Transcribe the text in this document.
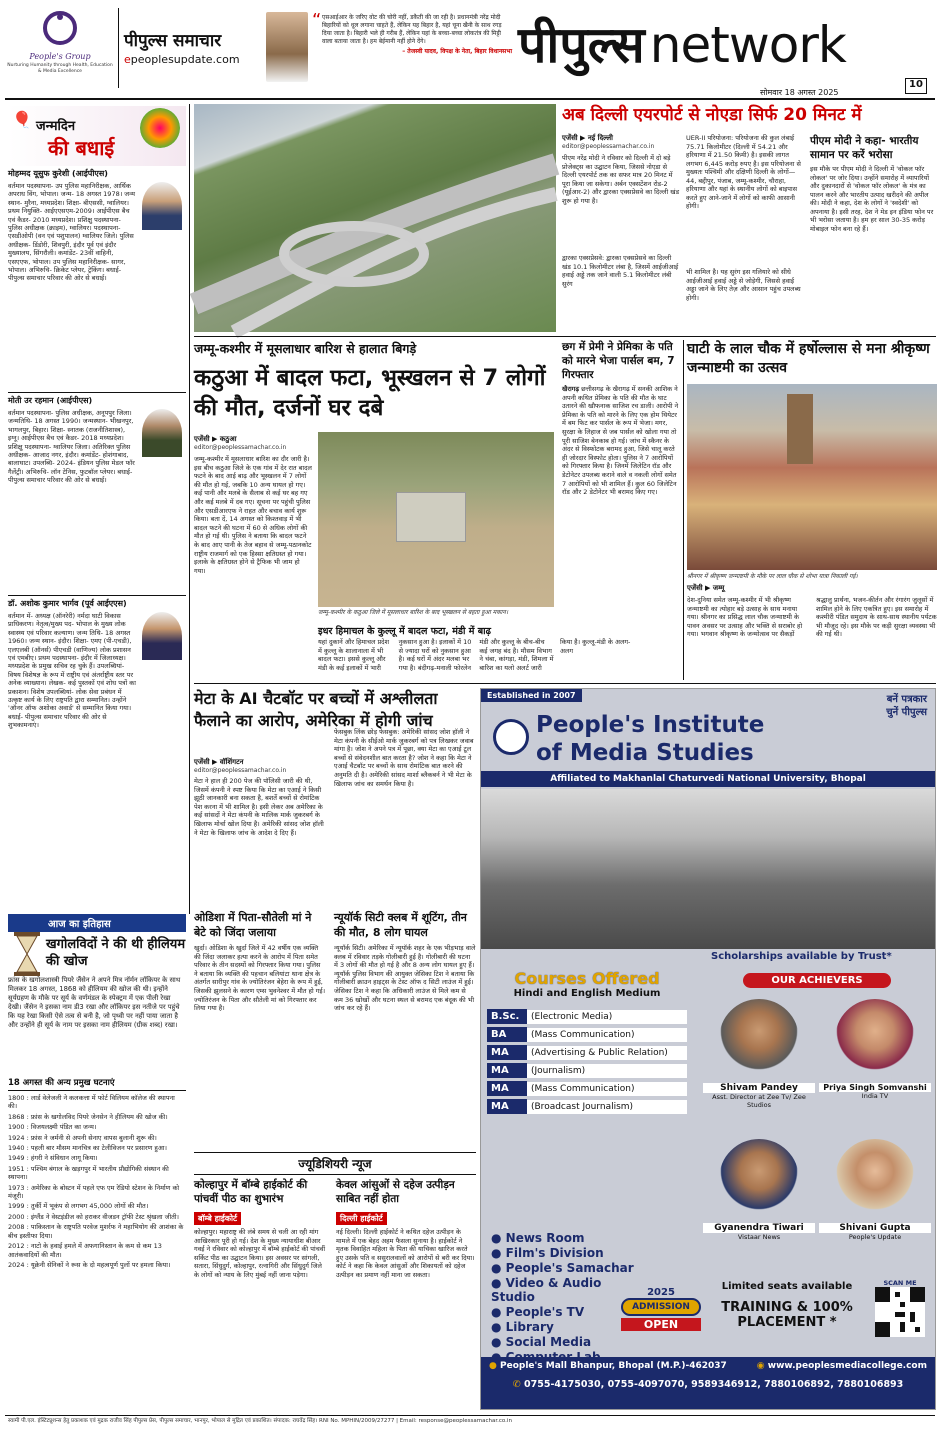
People's Group
Nurturing Humanity through Health, Education & Media Excellence
पीपुल्स समाचार
epeoplesupdate.com
“ एसआईआर के जरिए वोट की चोरी नहीं, डकैती की जा रही है। प्रधानमंत्री नरेंद्र मोदी बिहारियों को धूल लगाना चाहते हैं, लेकिन यह बिहार है, यहां चूना खैनी के साथ रगड़ दिया जाता है। बिहारी भले ही गरीब हैं, लेकिन यहां के बच्चा-बच्चा लोकतंत्र की मिट्टी वाला बताया जाता है। हम बेईमानी नहीं होने देंगे।
– तेजस्वी यादव, विपक्ष के नेता, बिहार विधानसभा पीपुल्स network
सोमवार 18 अगस्त 2025
10
🎈 जन्मदिन
की बधाई
मोहम्मद यूसुफ कुरेशी (आईपीएस)
वर्तमान पदस्थापना- उप पुलिस महानिरीक्षक, आर्थिक अपराध विंग, भोपाल। जन्म- 18 अगस्त 1978। जन्म स्थान- मुरैना, मध्यप्रदेश। शिक्षा- बीएससी, ग्वालियर। प्रथम नियुक्ति- आईएएसएम-2009। आईपीएस बैच एवं कैडर- 2010 मध्यप्रदेश। प्रशिक्षु पदस्थापना- पुलिस अधीक्षक (क्राइम), ग्वालियर। पदस्थापना- एसडीओपी (वन एवं पशुपालन) ग्वालियर जिले। पुलिस अधीक्षक- डिंडोरी, शिवपुरी, इंदौर पूर्व एवं इंदौर मुख्यालय, सिंगरौली। कमांडेंट- 23वीं वाहिनी, एसएएफ, भोपाल। उप पुलिस महानिरीक्षक- सागर, भोपाल। अभिरुचि- क्रिकेट प्लेयर, ट्रेकिंग। बधाई- पीपुल्स समाचार परिवार की ओर से बधाई।
मोती उर रहमान (आईपीएस)
वर्तमान पदस्थापना- पुलिस अधीक्षक, अनूपपुर जिला। जन्मतिथि- 18 अगस्त 1990। जन्मस्थान- भीखनपुर, भागलपुर, बिहार। शिक्षा- स्नातक (राजनीतिशास्त्र), इग्नू। आईपीएस बैच एवं कैडर- 2018 मध्यप्रदेश। प्रशिक्षु पदस्थापना- ग्वालियर जिला। अतिरिक्त पुलिस अधीक्षक- आजाद नगर, इंदौर। कमांडेंट- होशंगाबाद, बालाघाट। उपलब्धि- 2024- इंडियन पुलिस मेडल फॉर गैलेंट्री। अभिरुचि- लॉन टेनिस, फुटबॉल प्लेयर। बधाई- पीपुल्स समाचार परिवार की ओर से बधाई।
डॉ. अशोक कुमार भार्गव (पूर्व आईएएस)
वर्तमान में- अध्यक्ष (ऑनरेरी) नर्मदा घाटी विकास प्राधिकरण। नेतृत्व/मुख्य पद- भोपाल के मुख्य लोक स्वास्थ्य एवं परिवार कल्याण। जन्म तिथि- 18 अगस्त 1960। जन्म स्थान- इंदौर। शिक्षा- एमए (पी-एचडी), एलएलबी (ऑनर्स) पीएचडी (वाणिज्य) लोक प्रशासन एवं एमबीए। प्रथम पदस्थापना- इंदौर में जिलाध्यक्ष। मध्यप्रदेश के प्रमुख सचिव रह चुके हैं। उपलब्धियां- विषय विशेषज्ञ के रूप में राष्ट्रीय एवं अंतर्राष्ट्रीय स्तर पर अनेक व्याख्यान। लेखक- कई पुस्तकों एवं शोध पत्रों का प्रकाशन। विशेष उपलब्धियां- लोक सेवा प्रबंधन में उत्कृष्ट कार्य के लिए राष्ट्रपति द्वारा सम्मानित। उन्होंने 'ऑनर ऑफ अशोका अवार्ड' से सम्मानित किया गया। बधाई- पीपुल्स समाचार परिवार की ओर से शुभकामनाएं।
आज का इतिहास
खगोलविदों ने की थी हीलियम की खोज
फ्रांस के खगोलशास्त्री पियरे जैंसेन ने अपने मित्र नॉर्मन लॉकियर के साथ मिलकर 18 अगस्त, 1868 को हीलियम की खोज की थी। इन्होंने सूर्यग्रहण के मौके पर सूर्य के वर्णमंडल के स्पेक्ट्रम में एक पीली रेखा देखी। जैंसेन ने इसका नाम डी3 रखा और लॉकियर इस नतीजे पर पहुंचे कि यह रेखा किसी ऐसे तत्व से बनी है, जो पृथ्वी पर नहीं पाया जाता है और उन्होंने ही सूर्य के नाम पर इसका नाम हीलियम (ग्रीक शब्द) रखा।
18 अगस्त की अन्य प्रमुख घटनाएं
1800 : लार्ड वेलेजली ने कलकत्ता में फोर्ट विलियम कॉलेज की स्थापना की।
1868 : फ्रांस के खगोलविद पियरे जेनसेन ने हीलियम की खोज की।
1900 : विजयलक्ष्मी पंडित का जन्म।
1924 : फ्रांस ने जर्मनी से अपनी सेनाए वापस बुलानी शुरू की।
1940 : पहली बार मौसम मानचित्र का टेलीविजन पर प्रसारण हुआ।
1949 : हंगरी ने संविधान लागू किया।
1951 : पश्चिम बंगाल के खड़गपुर में भारतीय प्रौद्योगिकी संस्थान की स्थापना।
1973 : अमेरिका के बोस्टन में पहले एफ एम रेडियो स्टेशन के निर्माण को मंजूरी।
1999 : तुर्की में भूकंप से लगभग 45,000 लोगों की मौत।
2000 : इंग्लैंड ने वेस्टइंडीज को हराकर वीजडन ट्रॉफी टेस्ट श्रृंखला जीती।
2008 : पाकिस्तान के राष्ट्रपति परवेज मुशर्रफ ने महाभियोग की आशंका के बीच इस्तीफा दिया।
2012 : नाटो के हवाई हमले में अफगानिस्तान के कम से कम 13 आतंकवादियों की मौत।
2024 : यूक्रेनी सेनिकों ने रूस के दो महत्वपूर्ण पुलों पर हमला किया।
अब दिल्ली एयरपोर्ट से नोएडा सिर्फ 20 मिनट में
एजेंसी ▶ नई दिल्ली
editor@peoplessamachar.co.in
पीएम नरेंद्र मोदी ने रविवार को दिल्ली में दो बड़े प्रोजेक्ट्स का उद्घाटन किया, जिससे नोएडा से दिल्ली एयरपोर्ट तक का सफर मात्र 20 मिनट में पूरा किया जा सकेगा। अर्बन एक्सटेंशन रोड-2 (यूईआर-2) और द्वारका एक्सप्रेसवे का दिल्ली खंड शुरू हो गया है।
द्वारका एक्सप्रेसवे: द्वारका एक्सप्रेसवे का दिल्ली खंड 10.1 किलोमीटर लंबा है, जिसमें आईजीआई हवाई अड्डे तक जाने वाली 5.1 किलोमीटर लंबी सुरंग
UER-II परियोजना: परियोजना की कुल लंबाई 75.71 किलोमीटर (दिल्ली में 54.21 और हरियाणा में 21.50 किमी) है। इसकी लागत लगभग 6,445 करोड़ रुपए है। इस परियोजना से मुख्यतः पश्चिमी और दक्षिणी दिल्ली के लोगों— 44, बद्दीपुर, पंजाब, जम्मू-कश्मीर, चौराहा, हरियाणा और यहां के स्थानीय लोगों को बाइपास करते हुए आने-जाने में लोगों को काफी आसानी होगी।
भी शामिल है। यह सुरंग इस गलियारे को सीधे आईजीआई हवाई अड्डे से जोड़ेगी, जिससे हवाई अड्डा जाने के लिए तेज़ और आसान पहुंच उपलब्ध होगी।
पीएम मोदी ने कहा- भारतीय सामान पर करें भरोसा
इस मौके पर पीएम मोदी ने दिल्ली में 'वोकल फॉर लोकल' पर जोर दिया। उन्होंने समारोह में व्यापारियों और दुकानदारों से 'वोकल फॉर लोकल' के मंत्र का पालन करने और भारतीय उत्पाद खरीदने की अपील की। मोदी ने कहा, देश के लोगों ने 'स्वदेशी' को अपनाया है। इसी तरह, देश ने मेड इन इंडिया फोन पर भी भरोसा जताया है। हम हर साल 30-35 करोड़ मोबाइल फोन बना रहे हैं।
जम्मू-कश्मीर में मूसलाधार बारिश से हालात बिगड़े
कठुआ में बादल फटा, भूस्खलन से 7 लोगों की मौत, दर्जनों घर दबे
एजेंसी ▶ कठुआ
editor@peoplessamachar.co.in
जम्मू-कश्मीर में मूसलाधार बारिश का दौर जारी है। इस बीच कठुआ जिले के एक गांव में देर रात बादल फटने के बाद आई बाढ़ और भूस्खलन में 7 लोगों की मौत हो गई, जबकि 10 अन्य घायल हो गए। कई पानी और मलबे के सैलाब से कई घर बह गए और कई मलबे में दब गए। सूचना पर पहुंची पुलिस और एसडीआरएफ ने राहत और बचाव कार्य शुरू किया। बता दें, 14 अगस्त को किश्तवाड़ में भी बादल फटने की घटना में 60 से अधिक लोगों की मौत हो गई थी। पुलिस ने बताया कि बादल फटने के बाद आए पानी के तेज बहाव से जम्मू-पठानकोट राष्ट्रीय राजमार्ग को एक हिस्सा क्षतिग्रस्त हो गया। इलाके के क्षतिग्रस्त होने से ट्रैफिक भी जाम हो गया।
जम्मू-कश्मीर के कठुआ जिले में मूसलाधार बारिश के बाद भूस्खलन से बहता हुआ मकान।
इधर हिमाचल के कुल्लू में बादल फटा, मंडी में बाढ़
यहां दुकानें और हिमाचल प्रदेश में कुल्लू के शालानाला में भी बादल फटा। इससे कुल्लू और मंडी के कई इलाकों में भारी नुकसान हुआ है। इलाकों में 10 से ज्यादा घरों को नुकसान हुआ है। कई घरों में अंदर मलबा भर गया है। बंदीगढ़-मनाली फोरलेन मंडी और कुल्लू के बीच-बीच कई जगह बंद है। मौसम विभाग ने चंबा, कांगड़ा, मंडी, शिमला में बारिश का यलो अलर्ट जारी किया है। कुल्लू-मंडी के अलग-अलग
छग में प्रेमी ने प्रेमिका के पति को मारने भेजा पार्सल बम, 7 गिरफ्तार
खैरागढ़ छत्तीसगढ़ के खैरागढ़ में सनकी आशिक ने अपनी कथित प्रेमिका के पति की मौत के घाट उतारने की खौफनाक साजिश रच डाली। आरोपी ने प्रेमिका के पति को मारने के लिए एक होम थियेटर में बम फिट कर पार्सल के रूप में भेजा। मगर, सुरक्षा के लिहाज से जब पार्सल को खोला गया तो पूरी साजिश बेनकाब हो गई। जांच में स्कैनर के अंदर से विस्फोटक बरामद हुआ, जिसे चालू करते ही जोरदार विस्फोट होता। पुलिस ने 7 आरोपियों को गिरफ्तार किया है। जिनमें जिलेटिन रॉड और डेटोनेटर उपलब्ध कराने वाले व नकली लोगों समेत 7 आरोपियों को भी शामिल हैं। कुल 60 जिलेटिन रॉड और 2 डेटोनेटर भी बरामद किए गए।
घाटी के लाल चौक में हर्षोल्लास से मना श्रीकृष्ण जन्माष्टमी का उत्सव
श्रीनगर में श्रीकृष्ण जन्माष्टमी के मौके पर लाल चौक से शोभा यात्रा निकाली गई।
एजेंसी ▶ जम्मू
देश-दुनिया समेत जम्मू-कश्मीर में भी श्रीकृष्ण जन्माष्टमी का त्योहार बड़े उत्साह के साथ मनाया गया। श्रीनगर का प्रसिद्ध लाल चौक जन्माष्टमी के पावन अवसर पर उत्साह और भक्ति से सराबोर हो गया। भगवान श्रीकृष्ण के जन्मोत्सव पर सैकड़ों श्रद्धालु प्रार्थना, भजन-कीर्तन और रंगारंग जुलूसों में शामिल होने के लिए एकत्रित हुए। इस समारोह में कश्मीरी पंडित समुदाय के साथ-साथ स्थानीय पर्यटक भी मौजूद रहे। इस मौके पर कड़ी सुरक्षा व्यवस्था भी की गई थी।
मेटा के AI चैटबॉट पर बच्चों में अश्लीलता फैलाने का आरोप, अमेरिका में होगी जांच
एजेंसी ▶ वॉशिंगटन
editor@peoplessamachar.co.in
मेटा ने हाल ही 200 पेज की पॉलिसी जारी की थी, जिसमें कंपनी ने स्पष्ट किया कि मेटा का एआई ने किसी झूठी जानकारी बना सकता है, बशर्ते बच्चों से रोमांटिक पेश करना में भी शामिल है। इसी लेकर अब अमेरिका के कई सांसदों ने मेटा कंपनी के मालिक मार्क जुकरबर्ग के खिलाफ मोर्चा खोल दिया है। अमेरिकी सांसद जोश हॉली ने मेटा के खिलाफ जांच के आदेश दे दिए हैं।
फेसबुक लिंक छोड़ फेसबुक: अमेरिकी सांसद जोश हॉली ने मेटा कंपनी के सीईओ मार्क जुकरबर्ग को पत्र लिखकर जवाब मांगा है। जोश ने अपने पत्र में पूछा, क्या मेटा का एआई टूल बच्चों से संवेदनशील बात करता है? जोश ने कहा कि मेटा ने एआई चैटबॉट पर बच्चों के साथ रोमांटिक बात करने की अनुमति दी है। अमेरिकी सांसद मार्शा ब्लैकबर्न ने भी मेटा के खिलाफ जांच का समर्थन किया है।
ओडिशा में पिता-सौतेली मां ने बेटे को जिंदा जलाया
खुर्दा। ओडिशा के खुर्दा जिले में 42 वर्षीय एक व्यक्ति की जिंदा जलाकर हत्या करने के आरोप में पिता समेत परिवार के तीन सदस्यों को गिरफ्तार किया गया। पुलिस ने बताया कि व्यक्ति की पहचान बलियांटा थाना क्षेत्र के अंतर्गत सारीपुर गांव के ज्योतिरंजन बेहेरा के रूप में हुई, जिसकी झुलसने के कारण एम्स भुवनेश्वर में मौत हो गई। ज्योतिरंजन के पिता और सौतेली मां को गिरफ्तार कर लिया गया है।
न्यूयॉर्क सिटी क्लब में शूटिंग, तीन की मौत, 8 लोग घायल
न्यूयॉर्क सिटी। अमेरिका में न्यूयॉर्क शहर के एक भीड़भाड़ वाले क्लब में रविवार तड़के गोलीबारी हुई है। गोलीबारी की घटना में 3 लोगों की मौत हो गई है और 8 अन्य लोग घायल हुए हैं। न्यूयॉर्क पुलिस विभाग की आयुक्त जेसिका टिश ने बताया कि गोलीबारी क्राउन हाइट्स के टेस्ट ऑफ द सिटी लाउंज में हुई। जेसिका टिश ने कहा कि अधिकारी लाउंज से मिले कम से कम 36 खोखों और घटना स्थल से बरामद एक बंदूक की भी जांच कर रहे हैं।
ज्यूडिशियरी न्यूज
कोल्हापुर में बॉम्बे हाईकोर्ट की पांचवीं पीठ का शुभारंभ
बॉम्बे हाईकोर्ट
कोल्हापुर। महाराष्ट्र की लंबे समय से चली आ रही मांग आखिरकार पूरी हो गई। देश के मुख्य न्यायाधीश बीआर गवई ने रविवार को कोल्हापुर में बॉम्बे हाईकोर्ट की पांचवीं सर्किट पीठ का उद्घाटन किया। इस अवसर पर सांगली, सतारा, सिंधुदुर्ग, कोल्हापुर, रत्नागिरी और सिंधुदुर्ग जिले के लोगों को न्याय के लिए मुंबई नहीं जाना पड़ेगा।
केवल आंसुओं से दहेज उत्पीड़न साबित नहीं होता
दिल्ली हाईकोर्ट
नई दिल्ली। दिल्ली हाईकोर्ट ने कथित दहेज उत्पीड़न के मामले में एक बेहद अहम फैसला सुनाया है। हाईकोर्ट ने मृतक विवाहित महिला के पिता की याचिका खारिज करते हुए उसके पति व ससुरालवालों को आरोपों से बरी कर दिया। कोर्ट ने कहा कि केवल आंसुओं और शिकायतों को दहेज उत्पीड़न का प्रमाण नहीं माना जा सकता।
Established in 2007	बनें पत्रकार
चुनें पीपुल्स
People's Institute
of Media Studies
Affiliated to Makhanlal Chaturvedi National University, Bhopal
Scholarships available by Trust*
Courses Offered
Hindi and English Medium
B.Sc.	(Electronic Media)
BA	(Mass Communication)
MA	(Advertising & Public Relation)
MA	(Journalism)
MA	(Mass Communication)
MA	(Broadcast Journalism)
OUR ACHIEVERS
Shivam Pandey
Asst. Director at Zee Tv/ Zee Studios
Priya Singh Somvanshi
India TV
Gyanendra Tiwari
Vistaar News
Shivani Gupta
People's Update
● News Room
● Film's Division
● People's Samachar
● Video & Audio Studio
● People's TV
● Library
● Social Media
●
2025
ADMISSION
OPEN
Limited seats available
TRAINING & 100%
PLACEMENT *
SCAN ME
● People's Mall Bhanpur, Bhopal (M.P.)-462037	◉ www.peoplesmediacollege.com
✆ 0755-4175030, 0755-4097070, 9589346912, 7880106892, 7880106893
स्वामी पी.एल. इंस्टिट्यूशन्स हेतु प्रकाशक एवं मुद्रक राजीव सिंह पीपुल्स प्रेस, पीपुल्स समाचार, भानपुर, भोपाल से मुद्रित एवं प्रकाशित। संपादक: राघवेंद्र सिंह। RNI No. MPHIN/2009/27277 | Email: response@peoplessamachar.co.in
